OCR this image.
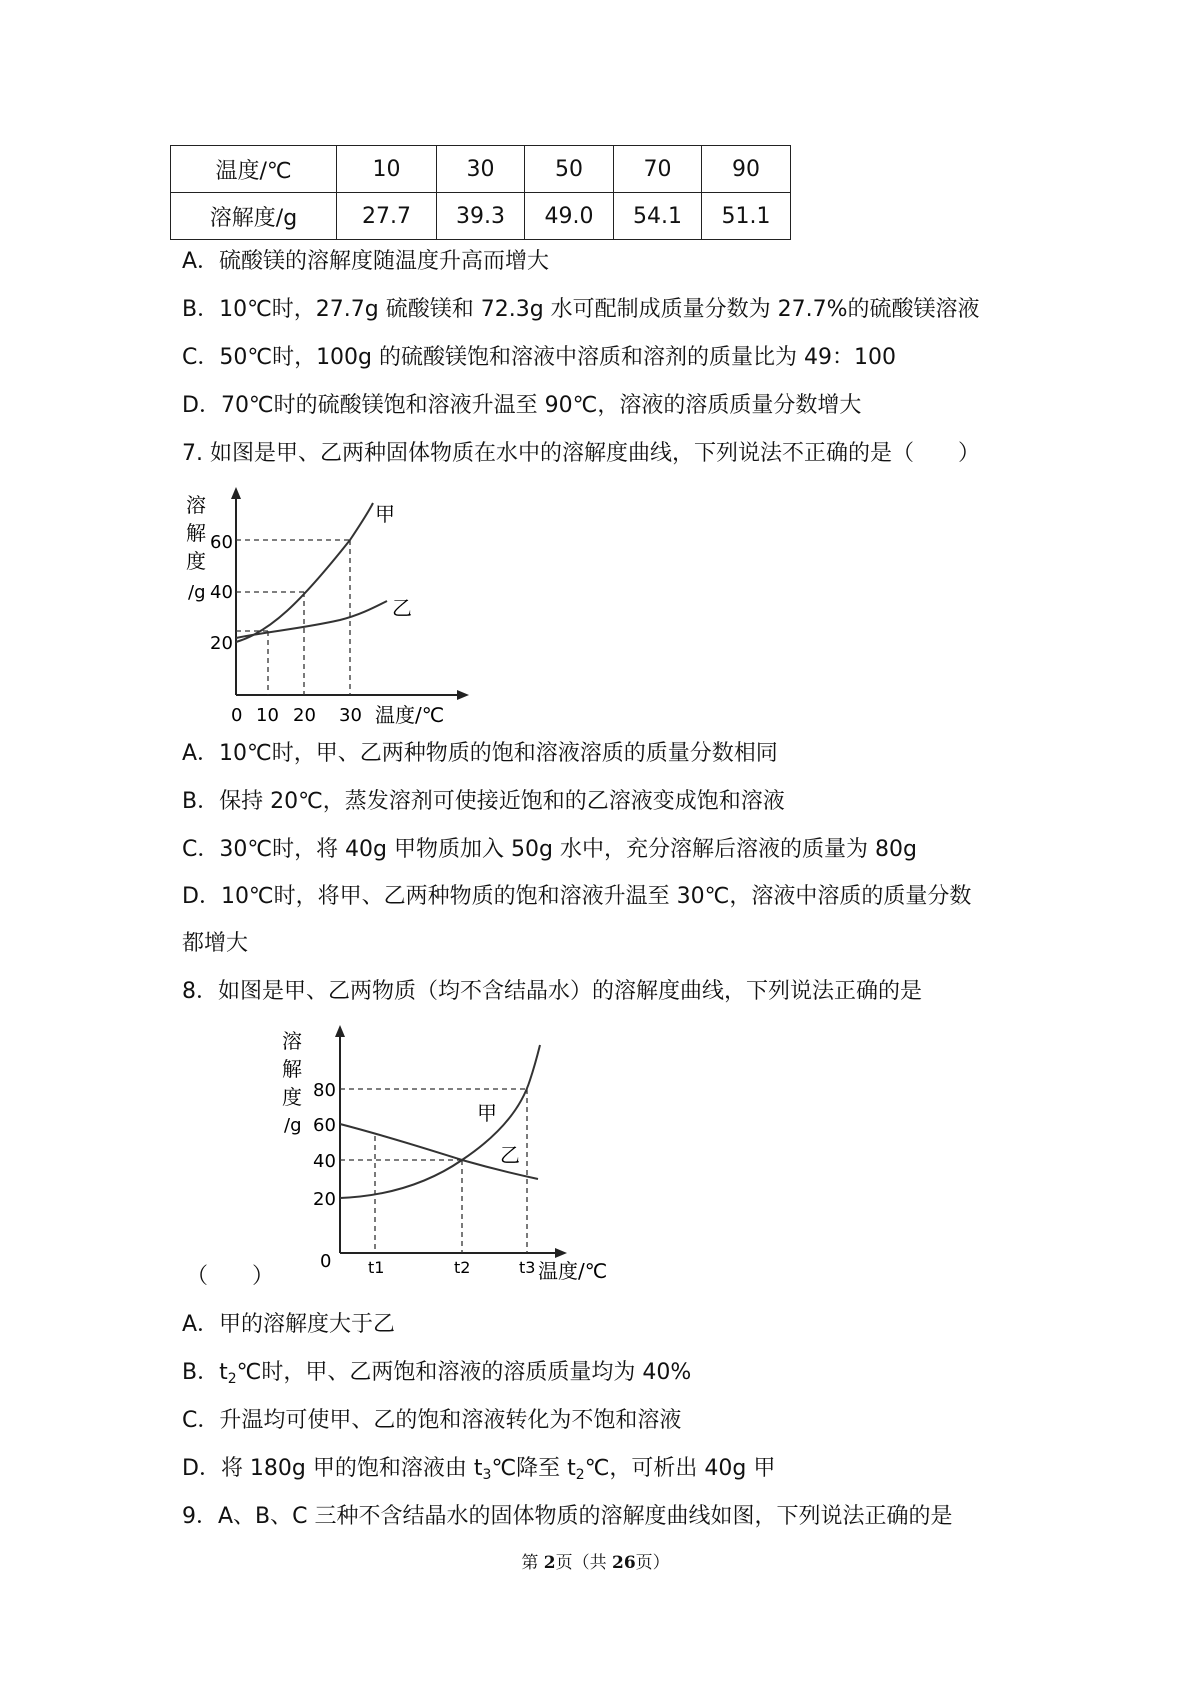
温度/℃	10	30	50	70	90
溶解度/g	27.7	39.3	49.0	54.1	51.1
A．硫酸镁的溶解度随温度升高而增大
B．10℃时，27.7g 硫酸镁和 72.3g 水可配制成质量分数为 27.7%的硫酸镁溶液
C．50℃时，100g 的硫酸镁饱和溶液中溶质和溶剂的质量比为 49：100
D．70℃时的硫酸镁饱和溶液升温至 90℃，溶液的溶质质量分数增大
7. 如图是甲、乙两种固体物质在水中的溶解度曲线，下列说法不正确的是（　　）
溶
解
度
/g
60
40
20
0 10 20 30 温度/℃
甲
乙
A．10℃时，甲、乙两种物质的饱和溶液溶质的质量分数相同
B．保持 20℃，蒸发溶剂可使接近饱和的乙溶液变成饱和溶液
C．30℃时，将 40g 甲物质加入 50g 水中，充分溶解后溶液的质量为 80g
D．10℃时，将甲、乙两种物质的饱和溶液升温至 30℃，溶液中溶质的质量分数
都增大
8．如图是甲、乙两物质（均不含结晶水）的溶解度曲线，下列说法正确的是
溶
解
度
/g
80
60
40
20
0 t1	t2	t3 温度/℃
甲
乙
（　　）
A．甲的溶解度大于乙
B．$t_2℃$时，甲、乙两饱和溶液的溶质质量均为 40%
C．升温均可使甲、乙的饱和溶液转化为不饱和溶液
D．将 180g 甲的饱和溶液由 $t_3℃$降至 $t_2℃$，可析出 40g 甲
9．A、B、C 三种不含结晶水的固体物质的溶解度曲线如图，下列说法正确的是
第 2页（共 26页）
